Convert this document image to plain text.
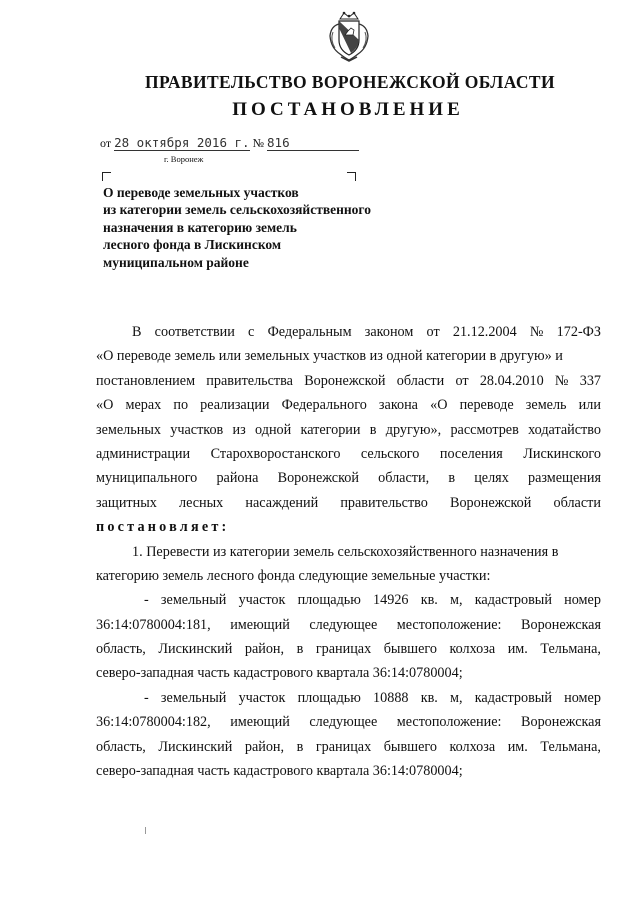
ПРАВИТЕЛЬСТВО ВОРОНЕЖСКОЙ ОБЛАСТИ
ПОСТАНОВЛЕНИЕ
от 28 октября 2016 г. № 816
г. Воронеж
О переводе земельных участков
из категории земель сельскохозяйственного
назначения в категорию земель
лесного фонда в Лискинском
муниципальном районе
В соответствии с Федеральным законом от 21.12.2004 № 172-ФЗ
«О переводе земель или земельных участков из одной категории в другую» и
постановлением правительства Воронежской области от 28.04.2010 № 337
«О мерах по реализации Федерального закона «О переводе земель или
земельных участков из одной категории в другую», рассмотрев ходатайство
администрации Старохворостанского сельского поселения Лискинского
муниципального района Воронежской области, в целях размещения
защитных лесных насаждений правительство Воронежской области
постановляет:
1. Перевести из категории земель сельскохозяйственного назначения в
категорию земель лесного фонда следующие земельные участки:
- земельный участок площадью 14926 кв. м, кадастровый номер
36:14:0780004:181, имеющий следующее местоположение: Воронежская
область, Лискинский район, в границах бывшего колхоза им. Тельмана,
северо-западная часть кадастрового квартала 36:14:0780004;
- земельный участок площадью 10888 кв. м, кадастровый номер
36:14:0780004:182, имеющий следующее местоположение: Воронежская
область, Лискинский район, в границах бывшего колхоза им. Тельмана,
северо-западная часть кадастрового квартала 36:14:0780004;
